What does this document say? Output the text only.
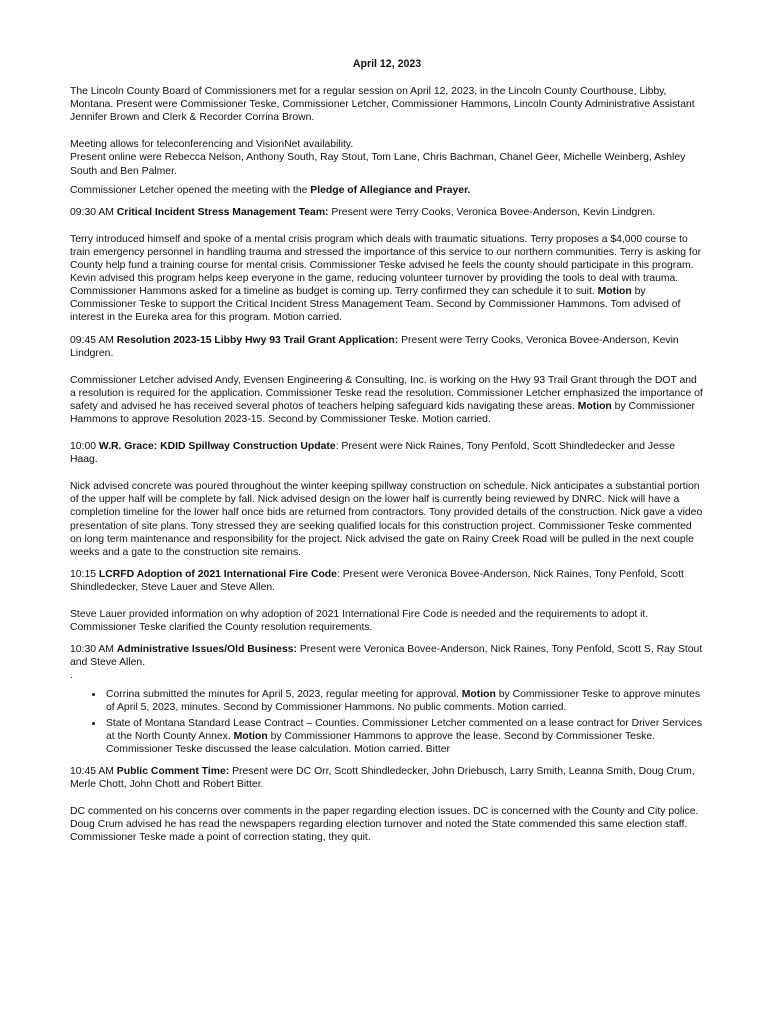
April 12, 2023

The Lincoln County Board of Commissioners met for a regular session on April 12, 2023, in the Lincoln County Courthouse, Libby, Montana. Present were Commissioner Teske, Commissioner Letcher, Commissioner Hammons, Lincoln County Administrative Assistant Jennifer Brown and Clerk & Recorder Corrina Brown.

Meeting allows for teleconferencing and VisionNet availability.

Present online were Rebecca Nelson, Anthony South, Ray Stout, Tom Lane, Chris Bachman, Chanel Geer, Michelle Weinberg, Ashley South and Ben Palmer.

Commissioner Letcher opened the meeting with the Pledge of Allegiance and Prayer.

09:30 AM Critical Incident Stress Management Team: Present were Terry Cooks, Veronica Bovee-Anderson, Kevin Lindgren.

Terry introduced himself and spoke of a mental crisis program which deals with traumatic situations. Terry proposes a $4,000 course to train emergency personnel in handling trauma and stressed the importance of this service to our northern communities. Terry is asking for County help fund a training course for mental crisis. Commissioner Teske advised he feels the county should participate in this program. Kevin advised this program helps keep everyone in the game, reducing volunteer turnover by providing the tools to deal with trauma. Commissioner Hammons asked for a timeline as budget is coming up. Terry confirmed they can schedule it to suit. Motion by Commissioner Teske to support the Critical Incident Stress Management Team. Second by Commissioner Hammons. Tom advised of interest in the Eureka area for this program. Motion carried.

09:45 AM Resolution 2023-15 Libby Hwy 93 Trail Grant Application: Present were Terry Cooks, Veronica Bovee-Anderson, Kevin Lindgren.

Commissioner Letcher advised Andy, Evensen Engineering & Consulting, Inc. is working on the Hwy 93 Trail Grant through the DOT and a resolution is required for the application. Commissioner Teske read the resolution. Commissioner Letcher emphasized the importance of safety and advised he has received several photos of teachers helping safeguard kids navigating these areas. Motion by Commissioner Hammons to approve Resolution 2023-15. Second by Commissioner Teske. Motion carried.

10:00 W.R. Grace: KDID Spillway Construction Update: Present were Nick Raines, Tony Penfold, Scott Shindledecker and Jesse Haag.

Nick advised concrete was poured throughout the winter keeping spillway construction on schedule. Nick anticipates a substantial portion of the upper half will be complete by fall. Nick advised design on the lower half is currently being reviewed by DNRC. Nick will have a completion timeline for the lower half once bids are returned from contractors. Tony provided details of the construction. Nick gave a video presentation of site plans. Tony stressed they are seeking qualified locals for this construction project. Commissioner Teske commented on long term maintenance and responsibility for the project. Nick advised the gate on Rainy Creek Road will be pulled in the next couple weeks and a gate to the construction site remains.

10:15 LCRFD Adoption of 2021 International Fire Code: Present were Veronica Bovee-Anderson, Nick Raines, Tony Penfold, Scott Shindledecker, Steve Lauer and Steve Allen.

Steve Lauer provided information on why adoption of 2021 International Fire Code is needed and the requirements to adopt it. Commissioner Teske clarified the County resolution requirements.

10:30 AM Administrative Issues/Old Business: Present were Veronica Bovee-Anderson, Nick Raines, Tony Penfold, Scott S, Ray Stout and Steve Allen.

.

• Corrina submitted the minutes for April 5, 2023, regular meeting for approval. Motion by Commissioner Teske to approve minutes of April 5, 2023, minutes. Second by Commissioner Hammons. No public comments. Motion carried.
• State of Montana Standard Lease Contract – Counties. Commissioner Letcher commented on a lease contract for Driver Services at the North County Annex. Motion by Commissioner Hammons to approve the lease. Second by Commissioner Teske. Commissioner Teske discussed the lease calculation. Motion carried. Bitter

10:45 AM Public Comment Time: Present were DC Orr, Scott Shindledecker, John Driebusch, Larry Smith, Leanna Smith, Doug Crum, Merle Chott, John Chott and Robert Bitter.

DC commented on his concerns over comments in the paper regarding election issues. DC is concerned with the County and City police. Doug Crum advised he has read the newspapers regarding election turnover and noted the State commended this same election staff. Commissioner Teske made a point of correction stating, they quit.
